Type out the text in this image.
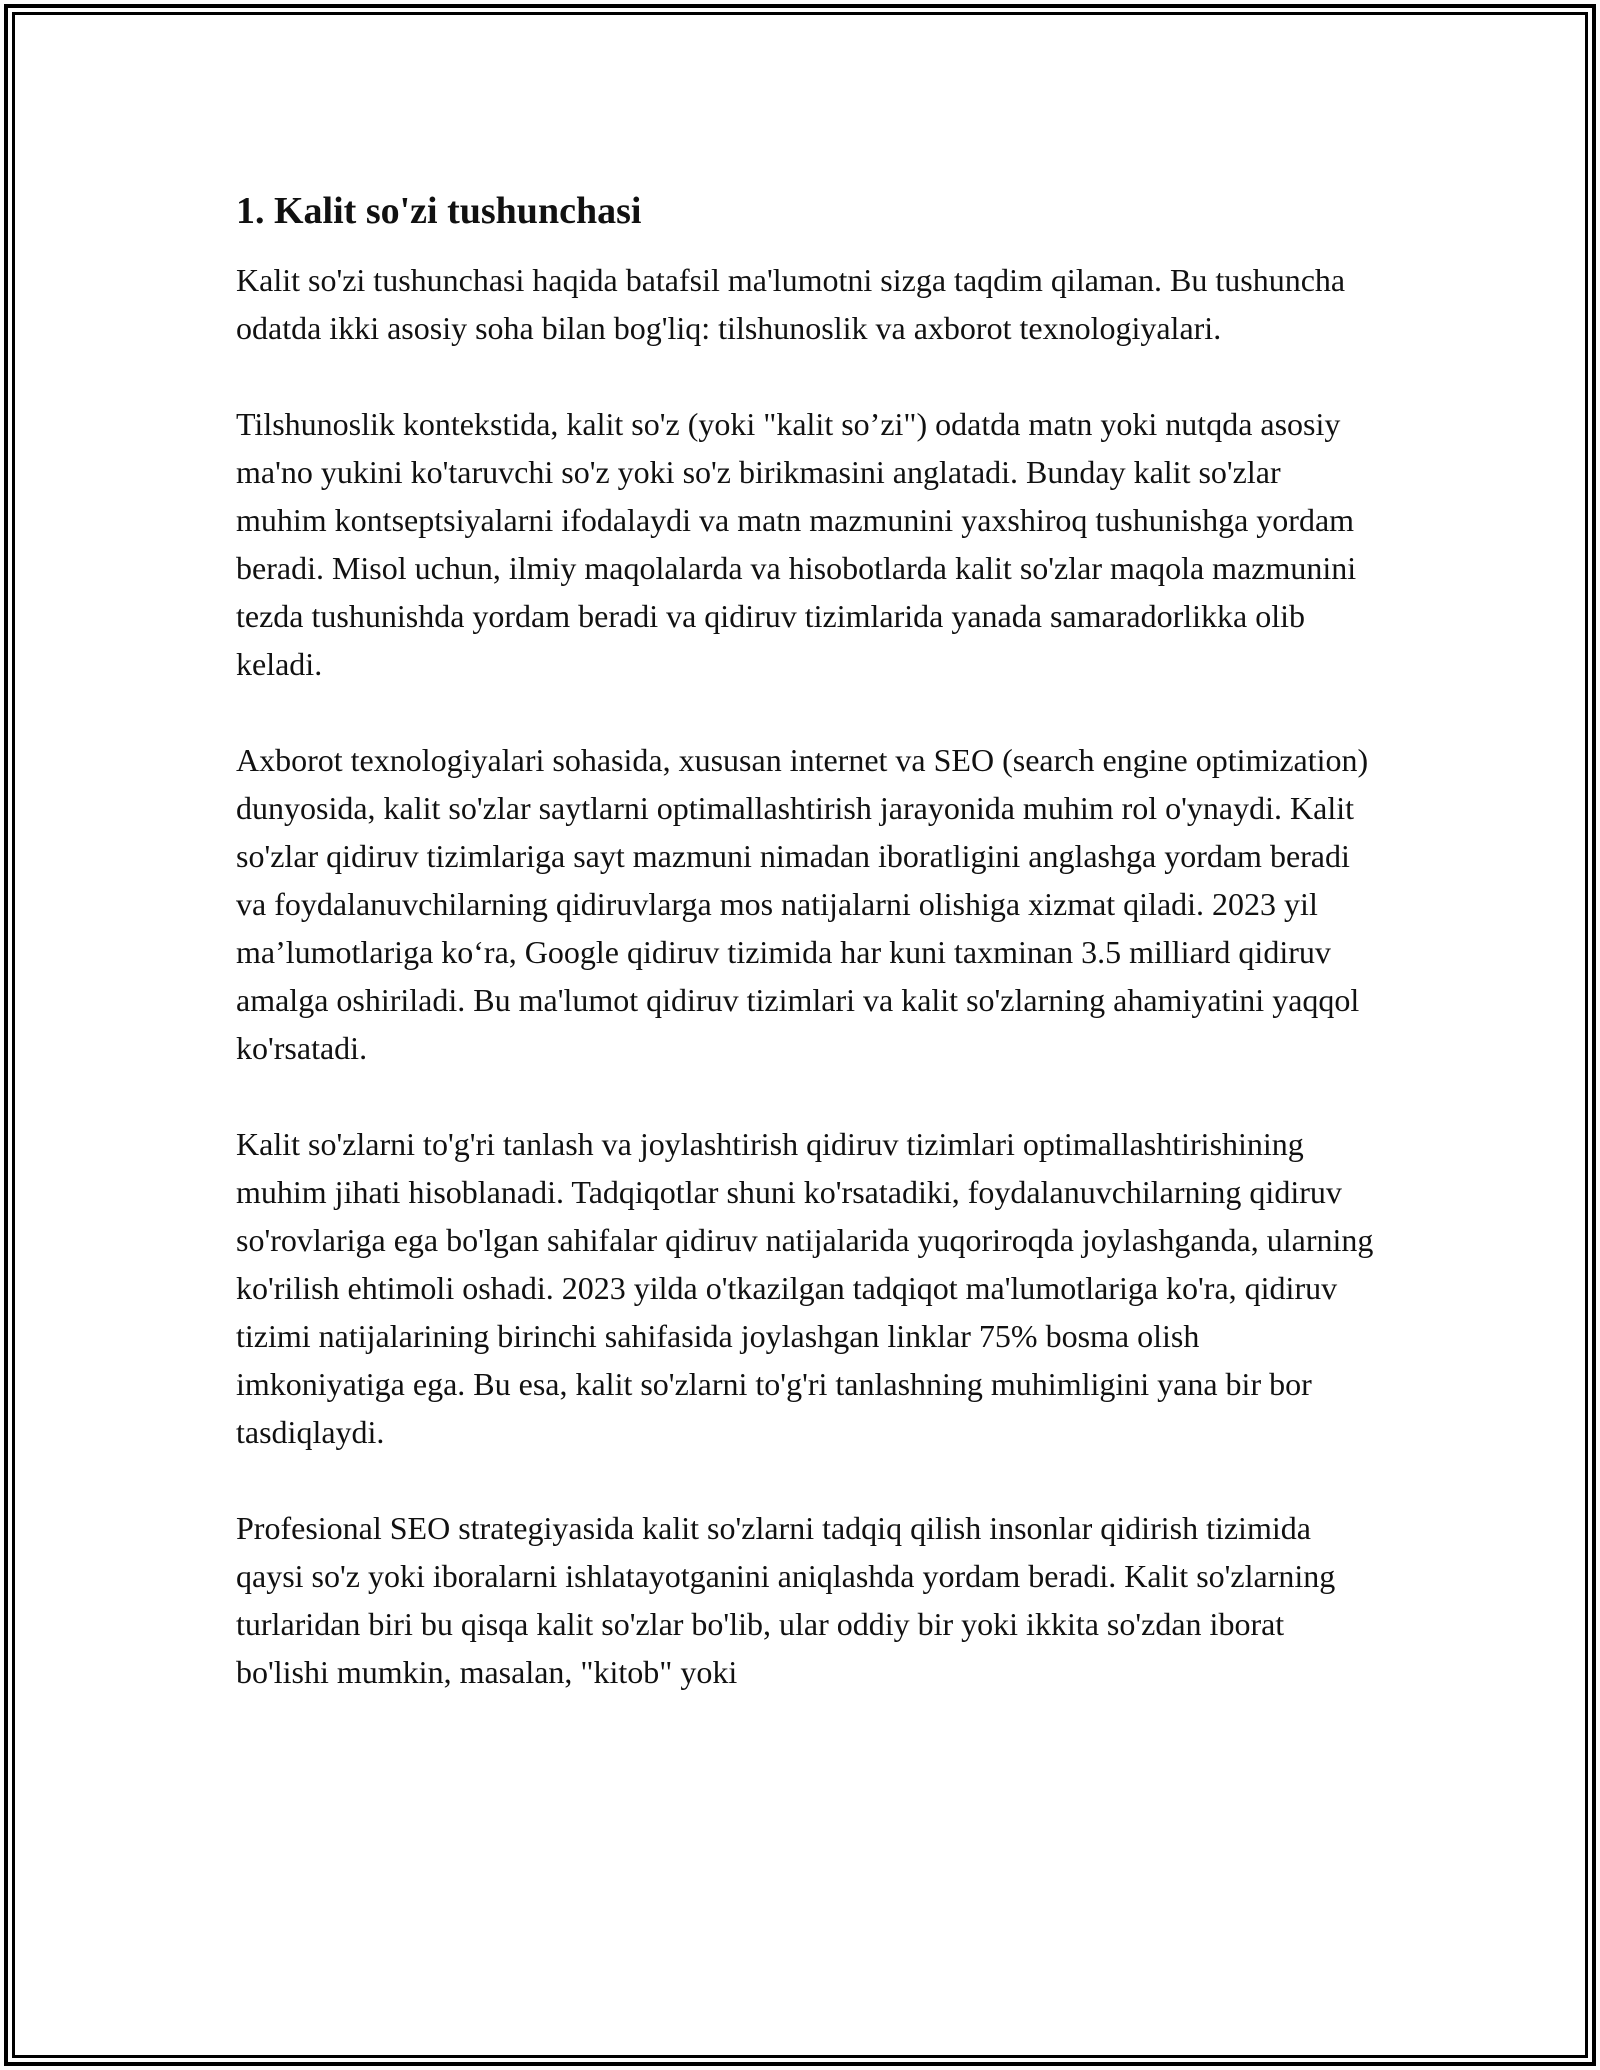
1. Kalit so'zi tushunchasi

Kalit so'zi tushunchasi haqida batafsil ma'lumotni sizga taqdim qilaman. Bu tushuncha odatda ikki asosiy soha bilan bog'liq: tilshunoslik va axborot texnologiyalari.

Tilshunoslik kontekstida, kalit so'z (yoki "kalit so’zi") odatda matn yoki nutqda asosiy ma'no yukini ko'taruvchi so'z yoki so'z birikmasini anglatadi. Bunday kalit so'zlar muhim kontseptsiyalarni ifodalaydi va matn mazmunini yaxshiroq tushunishga yordam beradi. Misol uchun, ilmiy maqolalarda va hisobotlarda kalit so'zlar maqola mazmunini tezda tushunishda yordam beradi va qidiruv tizimlarida yanada samaradorlikka olib keladi.

Axborot texnologiyalari sohasida, xususan internet va SEO (search engine optimization) dunyosida, kalit so'zlar saytlarni optimallashtirish jarayonida muhim rol o'ynaydi. Kalit so'zlar qidiruv tizimlariga sayt mazmuni nimadan iboratligini anglashga yordam beradi va foydalanuvchilarning qidiruvlarga mos natijalarni olishiga xizmat qiladi. 2023 yil ma’lumotlariga ko‘ra, Google qidiruv tizimida har kuni taxminan 3.5 milliard qidiruv amalga oshiriladi. Bu ma'lumot qidiruv tizimlari va kalit so'zlarning ahamiyatini yaqqol ko'rsatadi.

Kalit so'zlarni to'g'ri tanlash va joylashtirish qidiruv tizimlari optimallashtirishining muhim jihati hisoblanadi. Tadqiqotlar shuni ko'rsatadiki, foydalanuvchilarning qidiruv so'rovlariga ega bo'lgan sahifalar qidiruv natijalarida yuqoriroqda joylashganda, ularning ko'rilish ehtimoli oshadi. 2023 yilda o'tkazilgan tadqiqot ma'lumotlariga ko'ra, qidiruv tizimi natijalarining birinchi sahifasida joylashgan linklar 75% bosma olish imkoniyatiga ega. Bu esa, kalit so'zlarni to'g'ri tanlashning muhimligini yana bir bor tasdiqlaydi.

Profesional SEO strategiyasida kalit so'zlarni tadqiq qilish insonlar qidirish tizimida qaysi so'z yoki iboralarni ishlatayotganini aniqlashda yordam beradi. Kalit so'zlarning turlaridan biri bu qisqa kalit so'zlar bo'lib, ular oddiy bir yoki ikkita so'zdan iborat bo'lishi mumkin, masalan, "kitob" yoki
